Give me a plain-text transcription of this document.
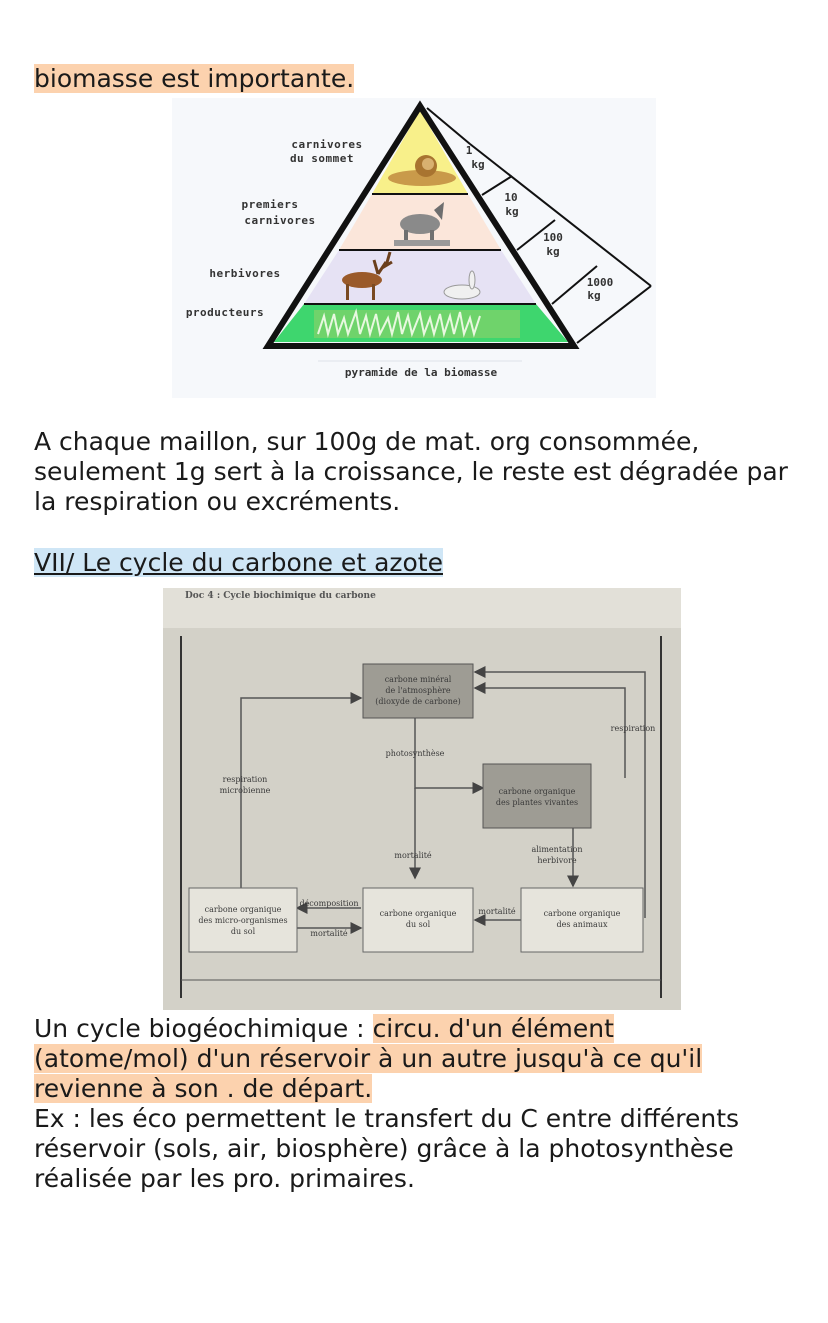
biomasse est importante.

carnivores
du sommet
premiers
carnivores
herbivores
producteurs
1
kg
10
kg
100
kg
1000
kg
pyramide de la biomasse

A chaque maillon, sur 100g de mat. org consommée, seulement 1g sert à la croissance, le reste est dégradée par la respiration ou excréments.

VII/ Le cycle du carbone et azote

Doc 4 : Cycle biochimique du carbone
carbone minéral
de l'atmosphère
(dioxyde de carbone)
carbone organique
des plantes vivantes
carbone organique
des micro-organismes
du sol
carbone organique
du sol
carbone organique
des animaux
photosynthèse
respiration
respiration
microbienne
mortalité
alimentation
herbivore
décomposition
mortalité
mortalité
Un cycle biogéochimique : circu. d'un élément
(atome/mol) d'un réservoir à un autre jusqu'à ce qu'il
revienne à son . de départ.
Ex : les éco permettent le transfert du C entre différents réservoir (sols, air, biosphère) grâce à la photosynthèse réalisée par les pro. primaires.
